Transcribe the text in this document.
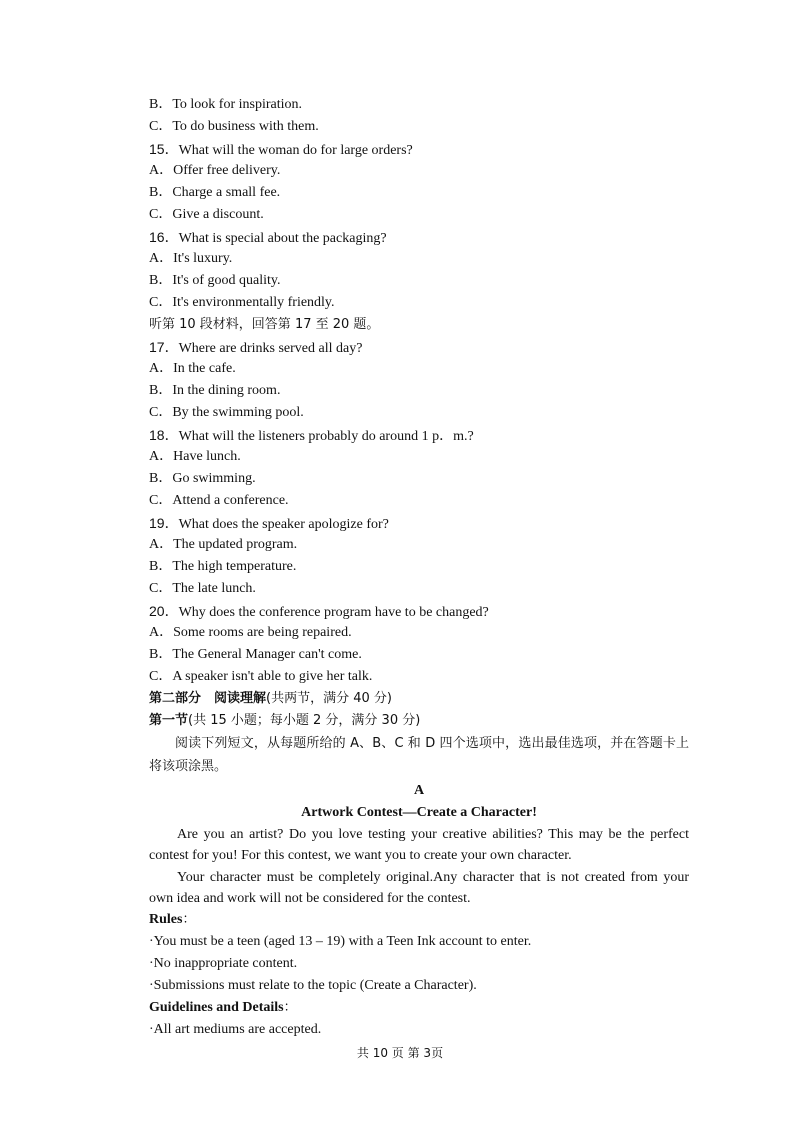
B．To look for inspiration.
C．To do business with them.
15．What will the woman do for large orders?
A．Offer free delivery.
B．Charge a small fee.
C．Give a discount.
16．What is special about the packaging?
A．It's luxury.
B．It's of good quality.
C．It's environmentally friendly.
听第 10 段材料，回答第 17 至 20 题。
17．Where are drinks served all day?
A．In the cafe.
B．In the dining room.
C．By the swimming pool.
18．What will the listeners probably do around 1 p．m.?
A．Have lunch.
B．Go swimming.
C．Attend a conference.
19．What does the speaker apologize for?
A．The updated program.
B．The high temperature.
C．The late lunch.
20．Why does the conference program have to be changed?
A．Some rooms are being repaired.
B．The General Manager can't come.
C．A speaker isn't able to give her talk.
第二部分　阅读理解(共两节，满分 40 分)
第一节(共 15 小题；每小题 2 分，满分 30 分)

阅读下列短文，从每题所给的 A、B、C 和 D 四个选项中，选出最佳选项，并在答题卡上将该项涂黑。

A
Artwork Contest—Create a Character!

Are you an artist? Do you love testing your creative abilities? This may be the perfect contest for you! For this contest, we want you to create your own character.

Your character must be completely original.Any character that is not created from your own idea and work will not be considered for the contest.

Rules：
·You must be a teen (aged 13 – 19) with a Teen Ink account to enter.
·No inappropriate content.
·Submissions must relate to the topic (Create a Character).
Guidelines and Details：
·All art mediums are accepted.
共 10 页 第 3页
